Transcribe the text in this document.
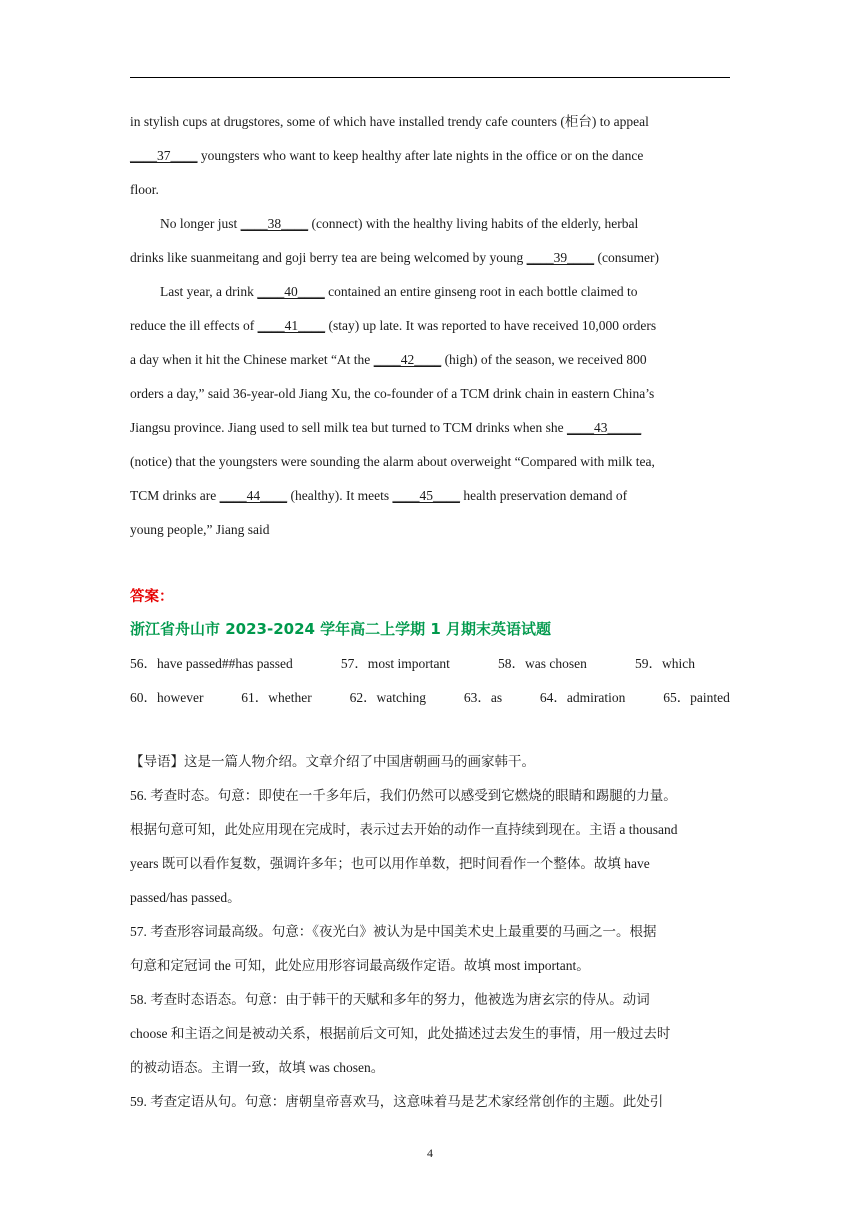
in stylish cups at drugstores, some of which have installed trendy cafe counters (柜台) to appeal
____37____ youngsters who want to keep healthy after late nights in the office or on the dance
floor.
No longer just ____38____ (connect) with the healthy living habits of the elderly, herbal
drinks like suanmeitang and goji berry tea are being welcomed by young ____39____ (consumer)
Last year, a drink ____40____ contained an entire ginseng root in each bottle claimed to
reduce the ill effects of ____41____ (stay) up late. It was reported to have received 10,000 orders
a day when it hit the Chinese market “At the ____42____ (high) of the season, we received 800
orders a day,” said 36-year-old Jiang Xu, the co-founder of a TCM drink chain in eastern China’s
Jiangsu province. Jiang used to sell milk tea but turned to TCM drinks when she ____43_____
(notice) that the youngsters were sounding the alarm about overweight “Compared with milk tea,
TCM drinks are ____44____ (healthy). It meets ____45____ health preservation demand of
young people,” Jiang said
答案：
浙江省舟山市 2023-2024 学年高二上学期 1 月期末英语试题
56．have passed##has passed	57．most important	58．was chosen	59．which
60．however	61．whether	62．watching	63．as	64．admiration	65．painted
【导语】这是一篇人物介绍。文章介绍了中国唐朝画马的画家韩干。
56. 考查时态。句意：即使在一千多年后，我们仍然可以感受到它燃烧的眼睛和踢腿的力量。
根据句意可知，此处应用现在完成时，表示过去开始的动作一直持续到现在。主语 a thousand
years 既可以看作复数，强调许多年；也可以用作单数，把时间看作一个整体。故填 have
passed/has passed。
57. 考查形容词最高级。句意：《夜光白》被认为是中国美术史上最重要的马画之一。根据
句意和定冠词 the 可知，此处应用形容词最高级作定语。故填 most important。
58. 考查时态语态。句意：由于韩干的天赋和多年的努力，他被选为唐玄宗的侍从。动词
choose 和主语之间是被动关系，根据前后文可知，此处描述过去发生的事情，用一般过去时
的被动语态。主谓一致，故填 was chosen。
59. 考查定语从句。句意：唐朝皇帝喜欢马，这意味着马是艺术家经常创作的主题。此处引
4
